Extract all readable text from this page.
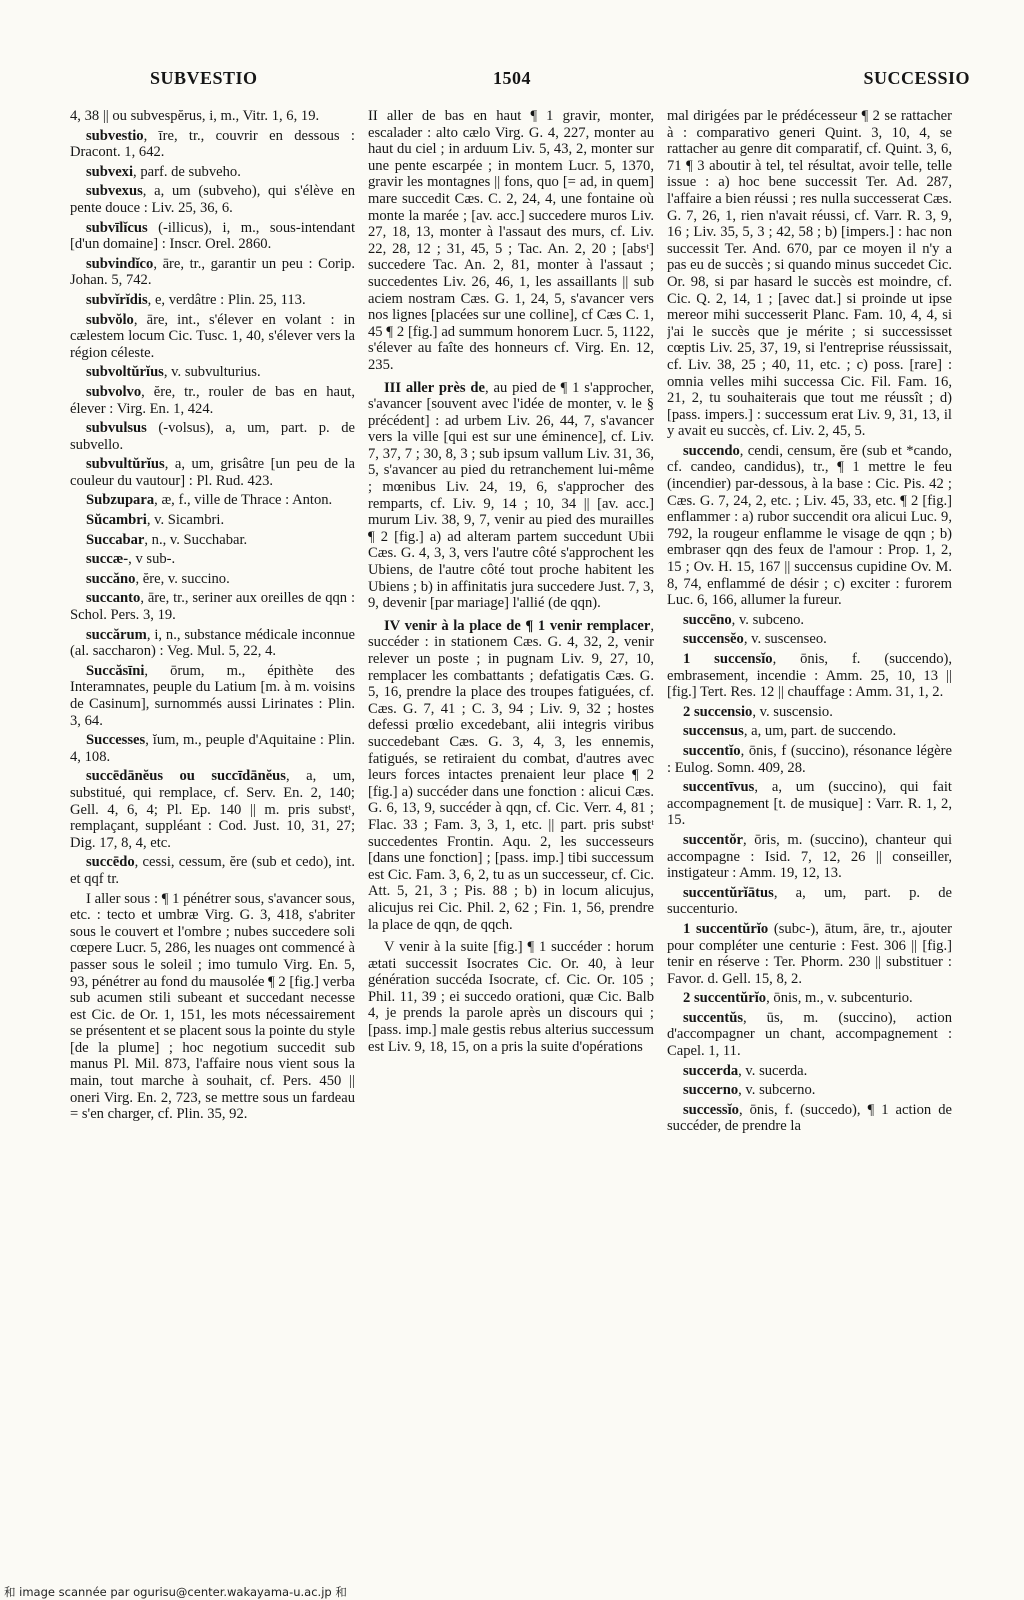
SUBVESTIO	1504	SUCCESSIO

4, 38 || ou subvespĕrus, i, m., Vitr. 1, 6, 19.

subvestio, īre, tr., couvrir en dessous : Dracont. 1, 642.

subvexi, parf. de subveho.

subvexus, a, um (subveho), qui s'élève en pente douce : Liv. 25, 36, 6.

subvīlĭcus (-illicus), i, m., sous-intendant [d'un domaine] : Inscr. Orel. 2860.

subvindĭco, āre, tr., garantir un peu : Corip. Johan. 5, 742.

subvĭrĭdis, e, verdâtre : Plin. 25, 113.

subvŏlo, āre, int., s'élever en volant : in cælestem locum Cic. Tusc. 1, 40, s'élever vers la région céleste.

subvoltŭrĭus, v. subvulturius.

subvolvo, ĕre, tr., rouler de bas en haut, élever : Virg. En. 1, 424.

subvulsus (-volsus), a, um, part. p. de subvello.

subvultŭrĭus, a, um, grisâtre [un peu de la couleur du vautour] : Pl. Rud. 423.

Subzupara, æ, f., ville de Thrace : Anton.

Sŭcambri, v. Sicambri.

Succabar, n., v. Succhabar.

succæ-, v sub-.

succăno, ĕre, v. succino.

succanto, āre, tr., seriner aux oreilles de qqn : Schol. Pers. 3, 19.

succărum, i, n., substance médicale inconnue (al. saccharon) : Veg. Mul. 5, 22, 4.

Succăsīni, ōrum, m., épithète des Interamnates, peuple du Latium [m. à m. voisins de Casinum], surnommés aussi Lirinates : Plin. 3, 64.

Successes, ĭum, m., peuple d'Aquitaine : Plin. 4, 108.

succēdānĕus ou succīdānĕus, a, um, substitué, qui remplace, cf. Serv. En. 2, 140; Gell. 4, 6, 4; Pl. Ep. 140 || m. pris substᵗ, remplaçant, suppléant : Cod. Just. 10, 31, 27; Dig. 17, 8, 4, etc.

succēdo, cessi, cessum, ĕre (sub et cedo), int. et qqf tr.

I aller sous : ¶ 1 pénétrer sous, s'avancer sous, etc. : tecto et umbræ Virg. G. 3, 418, s'abriter sous le couvert et l'ombre ; nubes succedere soli cœpere Lucr. 5, 286, les nuages ont commencé à passer sous le soleil ; imo tumulo Virg. En. 5, 93, pénétrer au fond du mausolée ¶ 2 [fig.] verba sub acumen stili subeant et succedant necesse est Cic. de Or. 1, 151, les mots nécessairement se présentent et se placent sous la pointe du style [de la plume] ; hoc negotium succedit sub manus Pl. Mil. 873, l'affaire nous vient sous la main, tout marche à souhait, cf. Pers. 450 || oneri Virg. En. 2, 723, se mettre sous un fardeau = s'en charger, cf. Plin. 35, 92.

II aller de bas en haut ¶ 1 gravir, monter, escalader : alto cælo Virg. G. 4, 227, monter au haut du ciel ; in arduum Liv. 5, 43, 2, monter sur une pente escarpée ; in montem Lucr. 5, 1370, gravir les montagnes || fons, quo [= ad, in quem] mare succedit Cæs. C. 2, 24, 4, une fontaine où monte la marée ; [av. acc.] succedere muros Liv. 27, 18, 13, monter à l'assaut des murs, cf. Liv. 22, 28, 12 ; 31, 45, 5 ; Tac. An. 2, 20 ; [absᵗ] succedere Tac. An. 2, 81, monter à l'assaut ; succedentes Liv. 26, 46, 1, les assaillants || sub aciem nostram Cæs. G. 1, 24, 5, s'avancer vers nos lignes [placées sur une colline], cf Cæs C. 1, 45 ¶ 2 [fig.] ad summum honorem Lucr. 5, 1122, s'élever au faîte des honneurs cf. Virg. En. 12, 235.

III aller près de, au pied de ¶ 1 s'approcher, s'avancer [souvent avec l'idée de monter, v. le § précédent] : ad urbem Liv. 26, 44, 7, s'avancer vers la ville [qui est sur une éminence], cf. Liv. 7, 37, 7 ; 30, 8, 3 ; sub ipsum vallum Liv. 31, 36, 5, s'avancer au pied du retranchement lui-même ; mœnibus Liv. 24, 19, 6, s'approcher des remparts, cf. Liv. 9, 14 ; 10, 34 || [av. acc.] murum Liv. 38, 9, 7, venir au pied des murailles ¶ 2 [fig.] a) ad alteram partem succedunt Ubii Cæs. G. 4, 3, 3, vers l'autre côté s'approchent les Ubiens, de l'autre côté tout proche habitent les Ubiens ; b) in affinitatis jura succedere Just. 7, 3, 9, devenir [par mariage] l'allié (de qqn).

IV venir à la place de ¶ 1 venir remplacer, succéder : in stationem Cæs. G. 4, 32, 2, venir relever un poste ; in pugnam Liv. 9, 27, 10, remplacer les combattants ; defatigatis Cæs. G. 5, 16, prendre la place des troupes fatiguées, cf. Cæs. G. 7, 41 ; C. 3, 94 ; Liv. 9, 32 ; hostes defessi prœlio excedebant, alii integris viribus succedebant Cæs. G. 3, 4, 3, les ennemis, fatigués, se retiraient du combat, d'autres avec leurs forces intactes prenaient leur place ¶ 2 [fig.] a) succéder dans une fonction : alicui Cæs. G. 6, 13, 9, succéder à qqn, cf. Cic. Verr. 4, 81 ; Flac. 33 ; Fam. 3, 3, 1, etc. || part. pris substᵗ succedentes Frontin. Aqu. 2, les successeurs [dans une fonction] ; [pass. imp.] tibi successum est Cic. Fam. 3, 6, 2, tu as un successeur, cf. Cic. Att. 5, 21, 3 ; Pis. 88 ; b) in locum alicujus, alicujus rei Cic. Phil. 2, 62 ; Fin. 1, 56, prendre la place de qqn, de qqch.

V venir à la suite [fig.] ¶ 1 succéder : horum ætati successit Isocrates Cic. Or. 40, à leur génération succéda Isocrate, cf. Cic. Or. 105 ; Phil. 11, 39 ; ei succedo orationi, quæ Cic. Balb 4, je prends la parole après un discours qui ; [pass. imp.] male gestis rebus alterius successum est Liv. 9, 18, 15, on a pris la suite d'opérations

mal dirigées par le prédécesseur ¶ 2 se rattacher à : comparativo generi Quint. 3, 10, 4, se rattacher au genre dit comparatif, cf. Quint. 3, 6, 71 ¶ 3 aboutir à tel, tel résultat, avoir telle, telle issue : a) hoc bene successit Ter. Ad. 287, l'affaire a bien réussi ; res nulla successerat Cæs. G. 7, 26, 1, rien n'avait réussi, cf. Varr. R. 3, 9, 16 ; Liv. 35, 5, 3 ; 42, 58 ; b) [impers.] : hac non successit Ter. And. 670, par ce moyen il n'y a pas eu de succès ; si quando minus succedet Cic. Or. 98, si par hasard le succès est moindre, cf. Cic. Q. 2, 14, 1 ; [avec dat.] si proinde ut ipse mereor mihi successerit Planc. Fam. 10, 4, 4, si j'ai le succès que je mérite ; si successisset cœptis Liv. 25, 37, 19, si l'entreprise réussissait, cf. Liv. 38, 25 ; 40, 11, etc. ; c) poss. [rare] : omnia velles mihi successa Cic. Fil. Fam. 16, 21, 2, tu souhaiterais que tout me réussît ; d) [pass. impers.] : successum erat Liv. 9, 31, 13, il y avait eu succès, cf. Liv. 2, 45, 5.

succendo, cendi, censum, ĕre (sub et *cando, cf. candeo, candidus), tr., ¶ 1 mettre le feu (incendier) par-dessous, à la base : Cic. Pis. 42 ; Cæs. G. 7, 24, 2, etc. ; Liv. 45, 33, etc. ¶ 2 [fig.] enflammer : a) rubor succendit ora alicui Luc. 9, 792, la rougeur enflamme le visage de qqn ; b) embraser qqn des feux de l'amour : Prop. 1, 2, 15 ; Ov. H. 15, 167 || succensus cupidine Ov. M. 8, 74, enflammé de désir ; c) exciter : furorem Luc. 6, 166, allumer la fureur.

succēno, v. subceno.

succensĕo, v. suscenseo.

1 succensĭo, ōnis, f. (succendo), embrasement, incendie : Amm. 25, 10, 13 || [fig.] Tert. Res. 12 || chauffage : Amm. 31, 1, 2.

2 succensio, v. suscensio.

succensus, a, um, part. de succendo.

succentĭo, ōnis, f (succino), résonance légère : Eulog. Somn. 409, 28.

succentīvus, a, um (succino), qui fait accompagnement [t. de musique] : Varr. R. 1, 2, 15.

succentŏr, ōris, m. (succino), chanteur qui accompagne : Isid. 7, 12, 26 || conseiller, instigateur : Amm. 19, 12, 13.

succentŭrĭātus, a, um, part. p. de succenturio.

1 succentŭrĭo (subc-), ātum, āre, tr., ajouter pour compléter une centurie : Fest. 306 || [fig.] tenir en réserve : Ter. Phorm. 230 || substituer : Favor. d. Gell. 15, 8, 2.

2 succentŭrĭo, ōnis, m., v. subcenturio.

succentŭs, ūs, m. (succino), action d'accompagner un chant, accompagnement : Capel. 1, 11.

succerda, v. sucerda.

succerno, v. subcerno.

successĭo, ōnis, f. (succedo), ¶ 1 action de succéder, de prendre la

和 image scannée par ogurisu@center.wakayama-u.ac.jp 和
